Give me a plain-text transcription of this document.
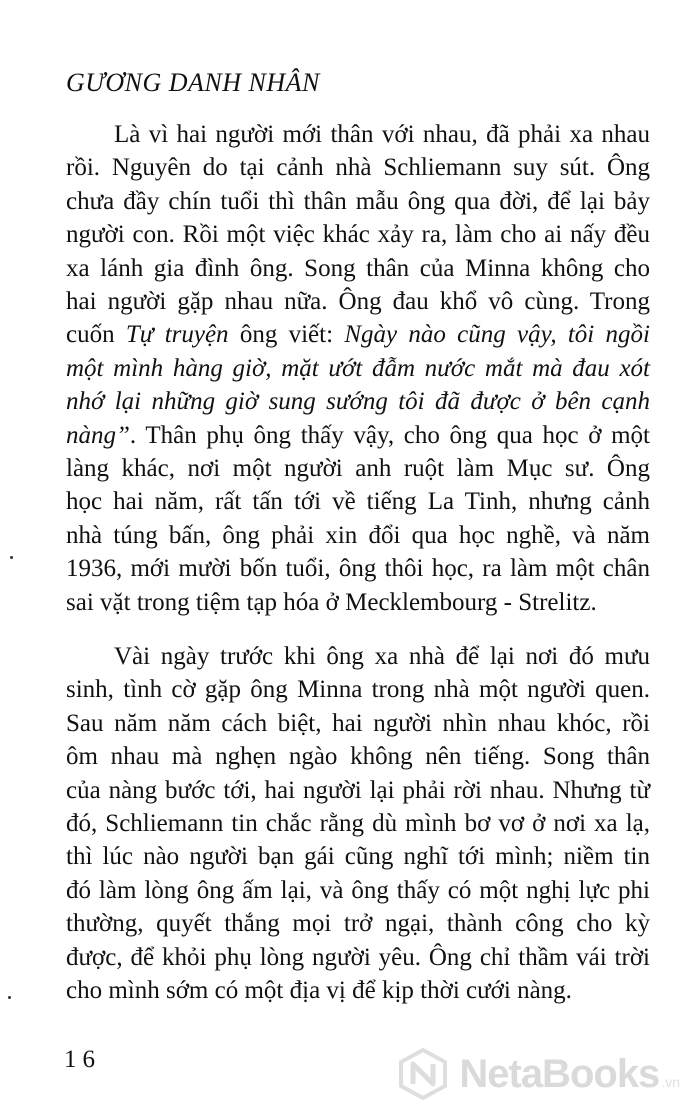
GƯƠNG DANH NHÂN
Là vì hai người mới thân với nhau, đã phải xa nhau
rồi. Nguyên do tại cảnh nhà Schliemann suy sút. Ông
chưa đầy chín tuổi thì thân mẫu ông qua đời, để lại bảy
người con. Rồi một việc khác xảy ra, làm cho ai nấy đều
xa lánh gia đình ông. Song thân của Minna không cho
hai người gặp nhau nữa. Ông đau khổ vô cùng. Trong
cuốn Tự truyện ông viết: Ngày nào cũng vậy, tôi ngồi
một mình hàng giờ, mặt ướt đẫm nước mắt mà đau xót
nhớ lại những giờ sung sướng tôi đã được ở bên cạnh
nàng”. Thân phụ ông thấy vậy, cho ông qua học ở một
làng khác, nơi một người anh ruột làm Mục sư. Ông
học hai năm, rất tấn tới về tiếng La Tinh, nhưng cảnh
nhà túng bấn, ông phải xin đổi qua học nghề, và năm
1936, mới mười bốn tuổi, ông thôi học, ra làm một chân
sai vặt trong tiệm tạp hóa ở Mecklembourg - Strelitz.
Vài ngày trước khi ông xa nhà để lại nơi đó mưu
sinh, tình cờ gặp ông Minna trong nhà một người quen.
Sau năm năm cách biệt, hai người nhìn nhau khóc, rồi
ôm nhau mà nghẹn ngào không nên tiếng. Song thân
của nàng bước tới, hai người lại phải rời nhau. Nhưng từ
đó, Schliemann tin chắc rằng dù mình bơ vơ ở nơi xa lạ,
thì lúc nào người bạn gái cũng nghĩ tới mình; niềm tin
đó làm lòng ông ấm lại, và ông thấy có một nghị lực phi
thường, quyết thắng mọi trở ngại, thành công cho kỳ
được, để khỏi phụ lòng người yêu. Ông chỉ thầm vái trời
cho mình sớm có một địa vị để kịp thời cưới nàng.
16	NetaBooks .vn
